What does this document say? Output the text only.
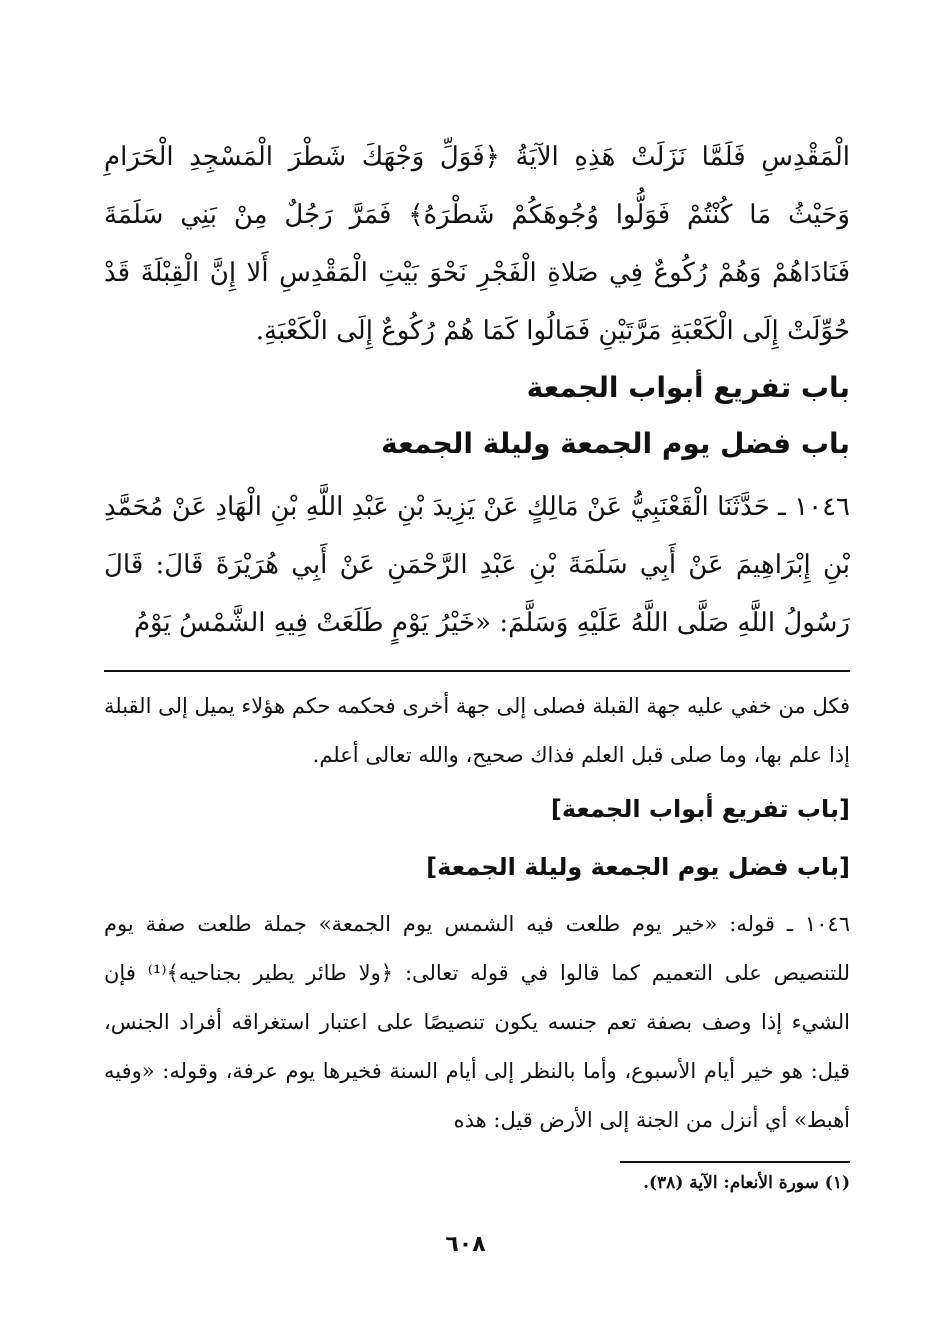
الْمَقْدِسِ فَلَمَّا نَزَلَتْ هَذِهِ الآيَةُ ﴿فَوَلِّ وَجْهَكَ شَطْرَ الْمَسْجِدِ الْحَرَامِ وَحَيْثُ مَا كُنْتُمْ فَوَلُّوا وُجُوهَكُمْ شَطْرَهُ﴾ فَمَرَّ رَجُلٌ مِنْ بَنِي سَلَمَةَ فَنَادَاهُمْ وَهُمْ رُكُوعٌ فِي صَلاةِ الْفَجْرِ نَحْوَ بَيْتِ الْمَقْدِسِ أَلا إِنَّ الْقِبْلَةَ قَدْ حُوِّلَتْ إِلَى الْكَعْبَةِ مَرَّتَيْنِ فَمَالُوا كَمَا هُمْ رُكُوعٌ إِلَى الْكَعْبَةِ.

باب تفريع أبواب الجمعة
باب فضل يوم الجمعة وليلة الجمعة

١٠٤٦ ـ حَدَّثَنَا الْقَعْنَبِيُّ عَنْ مَالِكٍ عَنْ يَزِيدَ بْنِ عَبْدِ اللَّهِ بْنِ الْهَادِ عَنْ مُحَمَّدِ بْنِ إِبْرَاهِيمَ عَنْ أَبِي سَلَمَةَ بْنِ عَبْدِ الرَّحْمَنِ عَنْ أَبِي هُرَيْرَةَ قَالَ: قَالَ رَسُولُ اللَّهِ صَلَّى اللَّهُ عَلَيْهِ وَسَلَّمَ: «خَيْرُ يَوْمٍ طَلَعَتْ فِيهِ الشَّمْسُ يَوْمُ

فكل من خفي عليه جهة القبلة فصلى إلى جهة أخرى فحكمه حكم هؤلاء يميل إلى القبلة إذا علم بها، وما صلى قبل العلم فذاك صحيح، والله تعالى أعلم.

[باب تفريع أبواب الجمعة]
[باب فضل يوم الجمعة وليلة الجمعة]

١٠٤٦ ـ قوله: «خير يوم طلعت فيه الشمس يوم الجمعة» جملة طلعت صفة يوم للتنصيص على التعميم كما قالوا في قوله تعالى: ﴿ولا طائر يطير بجناحيه﴾⁽¹⁾ فإن الشيء إذا وصف بصفة تعم جنسه يكون تنصيصًا على اعتبار استغراقه أفراد الجنس، قيل: هو خير أيام الأسبوع، وأما بالنظر إلى أيام السنة فخيرها يوم عرفة، وقوله: «وفيه أهبط» أي أنزل من الجنة إلى الأرض قيل: هذه

(١) سورة الأنعام: الآية (٣٨).

٦٠٨
